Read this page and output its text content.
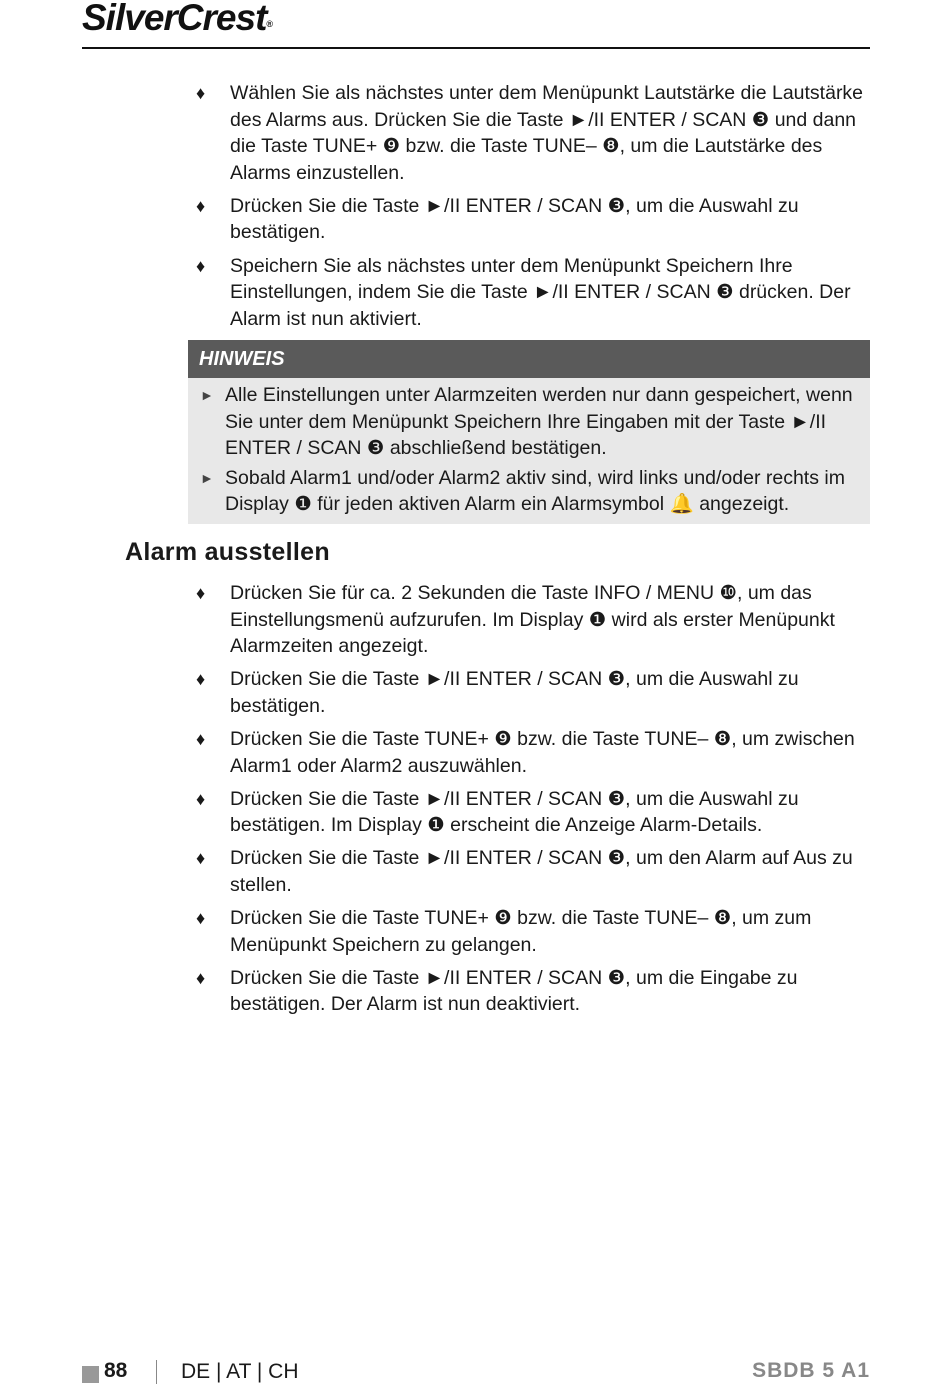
SilverCrest®
♦ Wählen Sie als nächstes unter dem Menüpunkt Lautstärke die Lautstärke des Alarms aus. Drücken Sie die Taste ►/II ENTER / SCAN ❸ und dann die Taste TUNE+ ❾ bzw. die Taste TUNE– ❽, um die Lautstärke des Alarms einzustellen.
♦ Drücken Sie die Taste ►/II ENTER / SCAN ❸, um die Auswahl zu bestätigen.
♦ Speichern Sie als nächstes unter dem Menüpunkt Speichern Ihre Einstellungen, indem Sie die Taste ►/II ENTER / SCAN ❸ drücken. Der Alarm ist nun aktiviert.
HINWEIS
► Alle Einstellungen unter Alarmzeiten werden nur dann gespeichert, wenn Sie unter dem Menüpunkt Speichern Ihre Eingaben mit der Taste ►/II ENTER / SCAN ❸ abschließend bestätigen.
► Sobald Alarm1 und/oder Alarm2 aktiv sind, wird links und/oder rechts im Display ❶ für jeden aktiven Alarm ein Alarmsymbol 🔔 angezeigt.
Alarm ausstellen
♦ Drücken Sie für ca. 2 Sekunden die Taste INFO / MENU ❿, um das Einstellungsmenü aufzurufen. Im Display ❶ wird als erster Menüpunkt Alarmzeiten angezeigt.
♦ Drücken Sie die Taste ►/II ENTER / SCAN ❸, um die Auswahl zu bestätigen.
♦ Drücken Sie die Taste TUNE+ ❾ bzw. die Taste TUNE– ❽, um zwischen Alarm1 oder Alarm2 auszuwählen.
♦ Drücken Sie die Taste ►/II ENTER / SCAN ❸, um die Auswahl zu bestätigen. Im Display ❶ erscheint die Anzeige Alarm-Details.
♦ Drücken Sie die Taste ►/II ENTER / SCAN ❸, um den Alarm auf Aus zu stellen.
♦ Drücken Sie die Taste TUNE+ ❾ bzw. die Taste TUNE– ❽, um zum Menüpunkt Speichern zu gelangen.
♦ Drücken Sie die Taste ►/II ENTER / SCAN ❸, um die Eingabe zu bestätigen. Der Alarm ist nun deaktiviert.
88	DE | AT | CH	SBDB 5 A1
